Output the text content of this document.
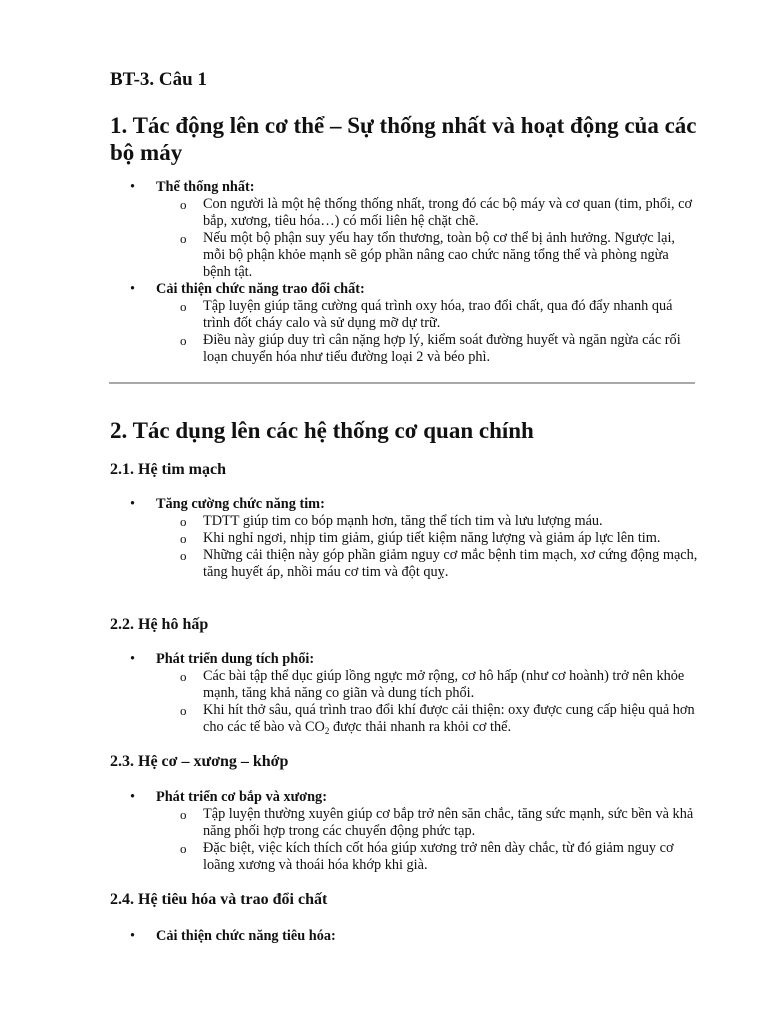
BT-3. Câu 1
1. Tác động lên cơ thể – Sự thống nhất và hoạt động của các bộ máy
• Thể thống nhất:
o Con người là một hệ thống thống nhất, trong đó các bộ máy và cơ quan (tim, phổi, cơ bắp, xương, tiêu hóa…) có mối liên hệ chặt chẽ.
o Nếu một bộ phận suy yếu hay tổn thương, toàn bộ cơ thể bị ảnh hưởng. Ngược lại, mỗi bộ phận khỏe mạnh sẽ góp phần nâng cao chức năng tổng thể và phòng ngừa bệnh tật.
• Cải thiện chức năng trao đổi chất:
o Tập luyện giúp tăng cường quá trình oxy hóa, trao đổi chất, qua đó đẩy nhanh quá trình đốt cháy calo và sử dụng mỡ dự trữ.
o Điều này giúp duy trì cân nặng hợp lý, kiểm soát đường huyết và ngăn ngừa các rối loạn chuyển hóa như tiểu đường loại 2 và béo phì.
2. Tác dụng lên các hệ thống cơ quan chính
2.1. Hệ tim mạch
• Tăng cường chức năng tim:
o TDTT giúp tim co bóp mạnh hơn, tăng thể tích tim và lưu lượng máu.
o Khi nghỉ ngơi, nhịp tim giảm, giúp tiết kiệm năng lượng và giảm áp lực lên tim.
o Những cải thiện này góp phần giảm nguy cơ mắc bệnh tim mạch, xơ cứng động mạch, tăng huyết áp, nhồi máu cơ tim và đột quỵ.
2.2. Hệ hô hấp
• Phát triển dung tích phổi:
o Các bài tập thể dục giúp lồng ngực mở rộng, cơ hô hấp (như cơ hoành) trở nên khỏe mạnh, tăng khả năng co giãn và dung tích phổi.
o Khi hít thở sâu, quá trình trao đổi khí được cải thiện: oxy được cung cấp hiệu quả hơn cho các tế bào và $CO_2$ được thải nhanh ra khỏi cơ thể.
2.3. Hệ cơ – xương – khớp
• Phát triển cơ bắp và xương:
o Tập luyện thường xuyên giúp cơ bắp trở nên săn chắc, tăng sức mạnh, sức bền và khả năng phối hợp trong các chuyển động phức tạp.
o Đặc biệt, việc kích thích cốt hóa giúp xương trở nên dày chắc, từ đó giảm nguy cơ loãng xương và thoái hóa khớp khi già.
2.4. Hệ tiêu hóa và trao đổi chất
• Cải thiện chức năng tiêu hóa:
